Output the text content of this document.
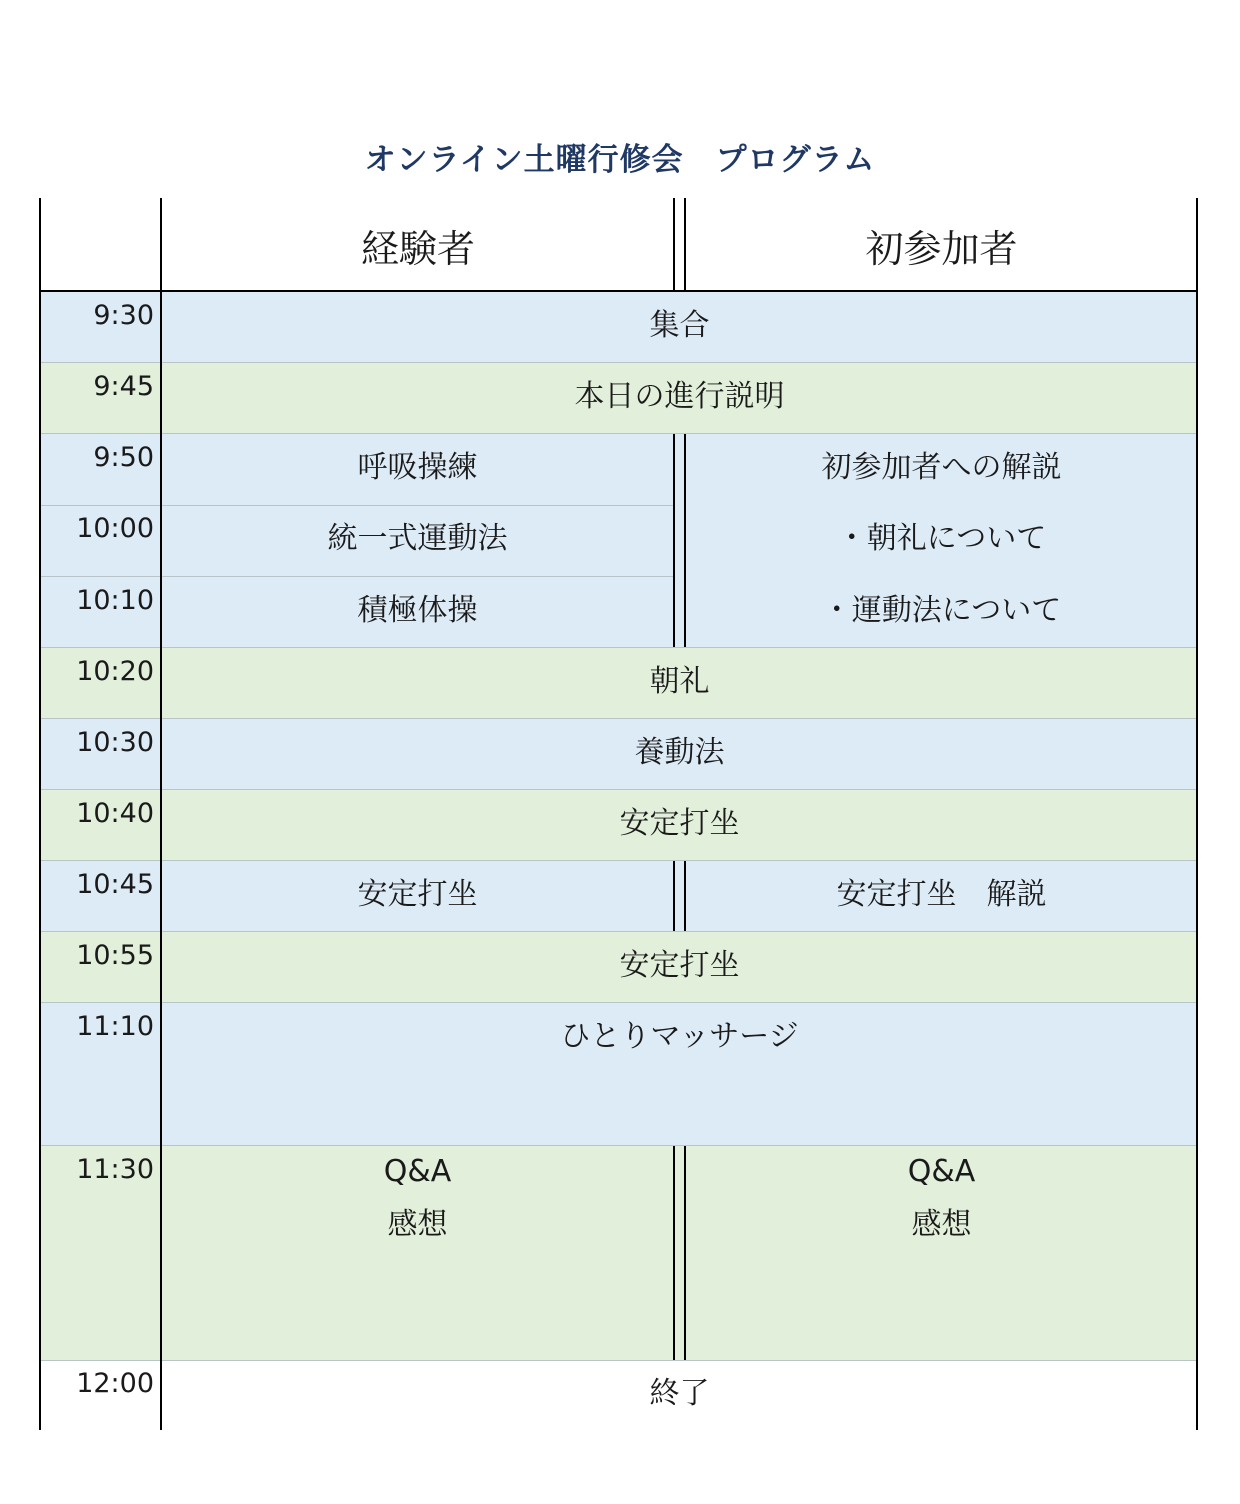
オンライン土曜行修会　プログラム
経験者	初参加者
9:30
9:45
9:50
10:00
10:10
10:20
10:30
10:40
10:45
10:55
11:10
11:30
12:00
集合
本日の進行説明
朝礼
養動法
安定打坐
安定打坐
ひとりマッサージ
終了
呼吸操練
統一式運動法
積極体操
安定打坐
Q&A
感想
初参加者への解説
・朝礼について
・運動法について
安定打坐　解説
Q&A
感想
